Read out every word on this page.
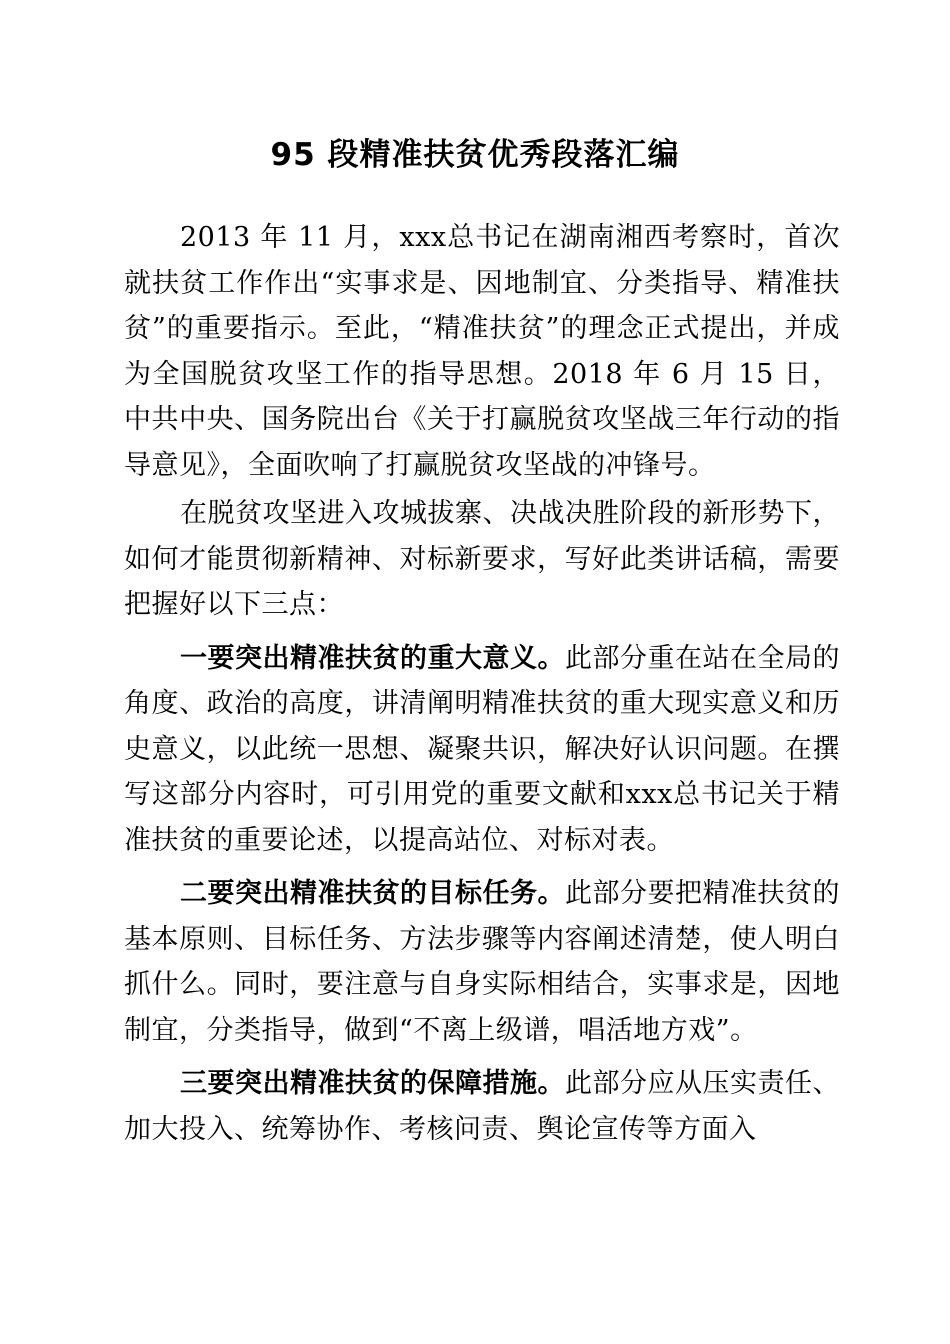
95 段精准扶贫优秀段落汇编

2013 年 11 月，xxx总书记在湖南湘西考察时，首次就扶贫工作作出“实事求是、因地制宜、分类指导、精准扶贫”的重要指示。至此，“精准扶贫”的理念正式提出，并成为全国脱贫攻坚工作的指导思想。2018 年 6 月 15 日，中共中央、国务院出台《关于打赢脱贫攻坚战三年行动的指导意见》，全面吹响了打赢脱贫攻坚战的冲锋号。

在脱贫攻坚进入攻城拔寨、决战决胜阶段的新形势下，如何才能贯彻新精神、对标新要求，写好此类讲话稿，需要把握好以下三点：

一要突出精准扶贫的重大意义。此部分重在站在全局的角度、政治的高度，讲清阐明精准扶贫的重大现实意义和历史意义，以此统一思想、凝聚共识，解决好认识问题。在撰写这部分内容时，可引用党的重要文献和xxx总书记关于精准扶贫的重要论述，以提高站位、对标对表。

二要突出精准扶贫的目标任务。此部分要把精准扶贫的基本原则、目标任务、方法步骤等内容阐述清楚，使人明白抓什么。同时，要注意与自身实际相结合，实事求是，因地制宜，分类指导，做到“不离上级谱，唱活地方戏”。

三要突出精准扶贫的保障措施。此部分应从压实责任、加大投入、统筹协作、考核问责、舆论宣传等方面入
